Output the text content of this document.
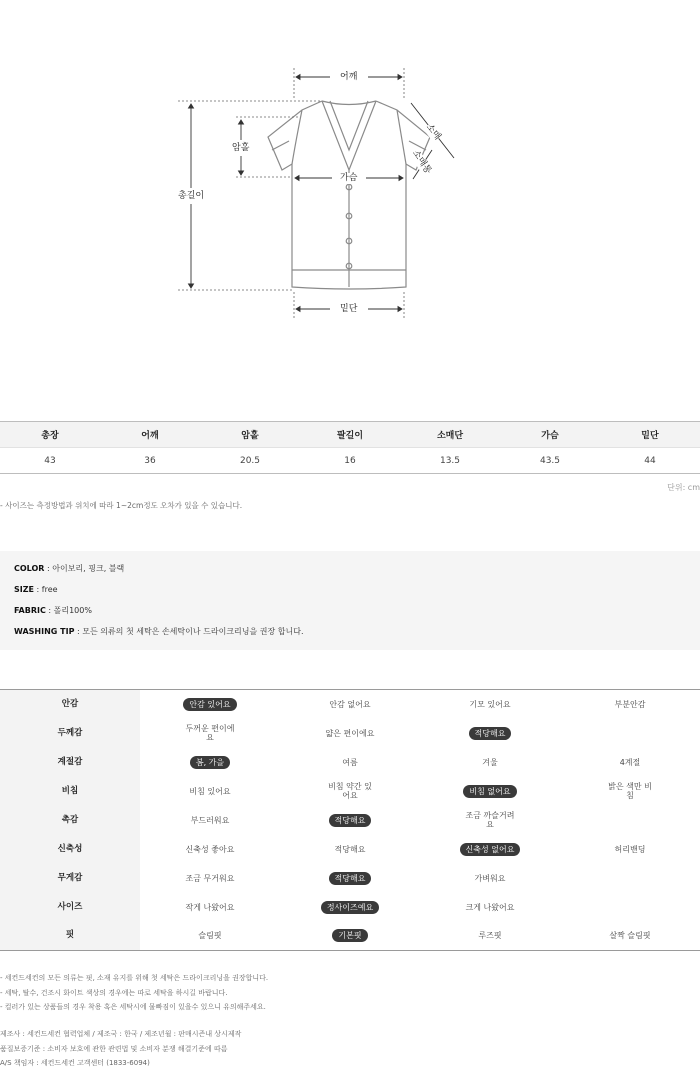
어깨
소매
암홀
가슴
소매통
총길이
밑단
총장	어깨	암홀	팔길이	소매단	가슴	밑단
43	36	20.5	16	13.5	43.5	44
단위: cm
- 사이즈는 측정방법과 위치에 따라 1~2cm정도 오차가 있을 수 있습니다.
COLOR : 아이보리, 핑크, 블랙
SIZE : free
FABRIC : 폴리100%
WASHING TIP : 모든 의류의 첫 세탁은 손세탁이나 드라이크리닝을 권장 합니다.
안감	안감 있어요	안감 없어요	기모 있어요	부분안감
두께감	두꺼운 편이에요	얇은 편이에요	적당해요	
계절감	봄, 가을	여름	겨울	4계절
비침	비침 있어요	비침 약간 있어요	비침 없어요	밝은 색만 비침
촉감	부드러워요	적당해요	조금 까슬거려요	
신축성	신축성 좋아요	적당해요	신축성 없어요	허리밴딩
무게감	조금 무거워요	적당해요	가벼워요	
사이즈	작게 나왔어요	정사이즈예요	크게 나왔어요	
핏	슬림핏	기본핏	루즈핏	살짝 슬림핏
- 세컨드세컨의 모든 의류는 핏, 소재 유지를 위해 첫 세탁은 드라이크리닝을 권장합니다.
- 세탁, 탈수, 건조시 화이트 색상의 경우에는 따로 세탁을 하시길 바랍니다.
- 컬러가 있는 상품들의 경우 착용 혹은 세탁시에 물빠짐이 있을수 있으니 유의해주세요.
제조사 : 세컨드세컨 협력업체 / 제조국 : 한국 / 제조년월 : 판매시즌내 상시제작
품질보증기준 : 소비자 보호에 관한 관련법 및 소비자 분쟁 해결기준에 따름
A/S 책임자 : 세컨드세컨 고객센터 (1833-6094)
